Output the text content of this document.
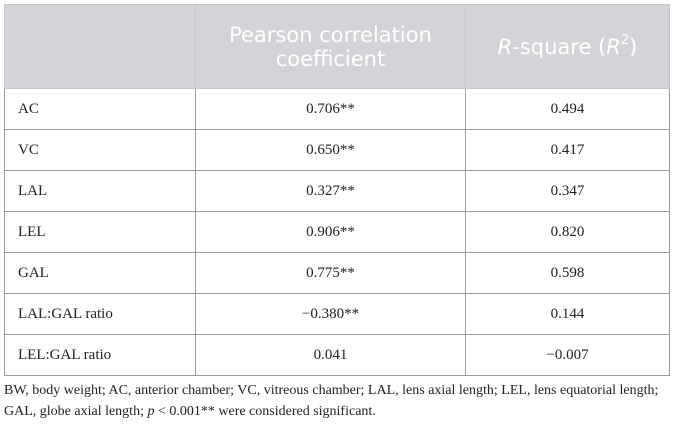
	Pearson correlation coefficient	R-square $(R^2)$
AC	0.706**	0.494
VC	0.650**	0.417
LAL	0.327**	0.347
LEL	0.906**	0.820
GAL	0.775**	0.598
LAL:GAL ratio	−0.380**	0.144
LEL:GAL ratio	0.041	−0.007
BW, body weight; AC, anterior chamber; VC, vitreous chamber; LAL, lens axial length; LEL, lens equatorial length; GAL, globe axial length; p < 0.001** were considered significant.
